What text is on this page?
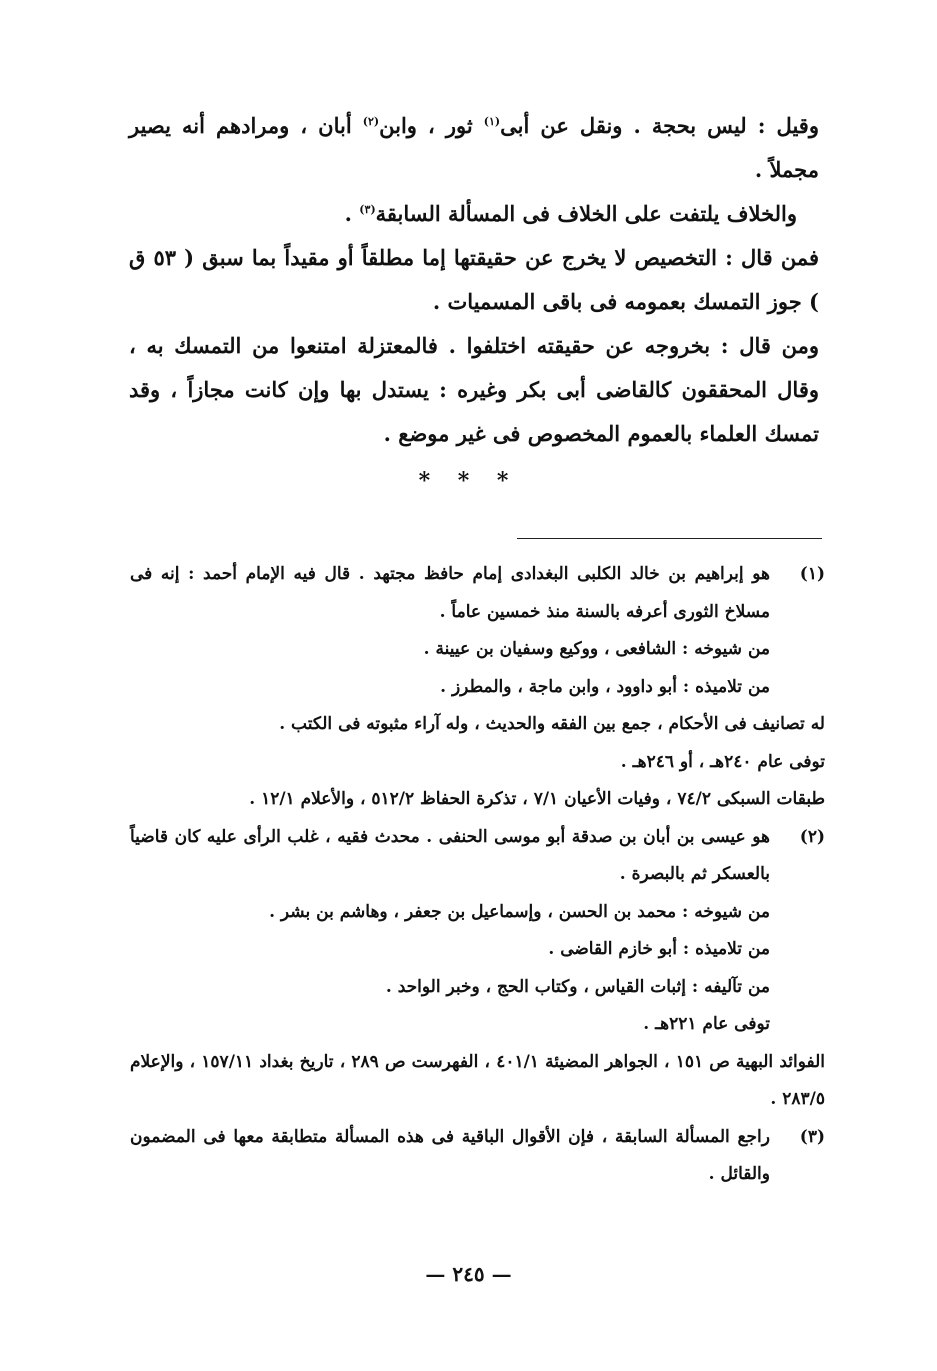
وقيل : ليس بحجة . ونقل عن أبى$^{(١)}$ ثور ، وابن$^{(٢)}$ أبان ، ومرادهم أنه يصير مجملاً .

والخلاف يلتفت على الخلاف فى المسألة السابقة$^{(٣)}$ .

فمن قال : التخصيص لا يخرج عن حقيقتها إما مطلقاً أو مقيداً بما سبق ( ٥٣ ق ) جوز التمسك بعمومه فى باقى المسميات .

ومن قال : بخروجه عن حقيقته اختلفوا . فالمعتزلة امتنعوا من التمسك به ، وقال المحققون كالقاضى أبى بكر وغيره : يستدل بها وإن كانت مجازاً ، وقد تمسك العلماء بالعموم المخصوص فى غير موضع .

* * *
(١)
هو إبراهيم بن خالد الكلبى البغدادى إمام حافظ مجتهد . قال فيه الإمام أحمد : إنه فى مسلاخ الثورى أعرفه بالسنة منذ خمسين عاماً .
من شيوخه : الشافعى ، ووكيع وسفيان بن عيينة .
من تلاميذه : أبو داوود ، وابن ماجة ، والمطرز .
له تصانيف فى الأحكام ، جمع بين الفقه والحديث ، وله آراء مثبوته فى الكتب .
توفى عام ٢٤٠هـ ، أو ٢٤٦هـ .
طبقات السبكى ٧٤/٢ ، وفيات الأعيان ٧/١ ، تذكرة الحفاظ ٥١٢/٢ ، والأعلام ١٢/١ .
(٢)
هو عيسى بن أبان بن صدقة أبو موسى الحنفى . محدث فقيه ، غلب الرأى عليه كان قاضياً بالعسكر ثم بالبصرة .
من شيوخه : محمد بن الحسن ، وإسماعيل بن جعفر ، وهاشم بن بشر .
من تلاميذه : أبو خازم القاضى .
من تآليفه : إثبات القياس ، وكتاب الحج ، وخبر الواحد .
توفى عام ٢٢١هـ .
الفوائد البهية ص ١٥١ ، الجواهر المضيئة ٤٠١/١ ، الفهرست ص ٢٨٩ ، تاريخ بغداد ١٥٧/١١ ، والإعلام ٢٨٣/٥ .
(٣)
راجع المسألة السابقة ، فإن الأقوال الباقية فى هذه المسألة متطابقة معها فى المضمون والقائل .
— ٢٤٥ —
